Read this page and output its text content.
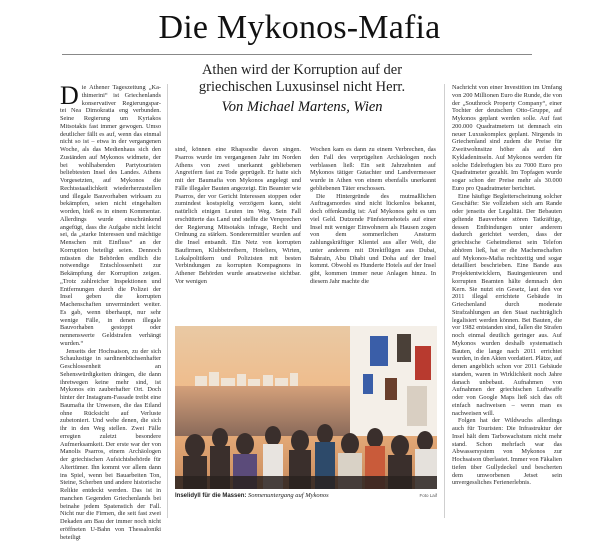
Die Mykonos-Mafia
Athen wird der Korruption auf der griechischen Luxusinsel nicht Herr.
Von Michael Martens, Wien

Die Athener Tageszeitung „Ka-thimerini“ ist Griechenlands konservativer Regierungspar-tei Nea Dimokratia eng verbunden. Seine Regierung um Kyriakos Mitsotakis fast immer gewogen. Umso deutlicher fällt es auf, wenn das einmal nicht so ist – etwa in der vergangenen Woche, als das Medienhaus sich den Zuständen auf Mykonos widmete, der bei wohlhabenden Partytouristen beliebtesten Insel des Landes. Athens Vorgesetzten, auf Mykonos die Rechtsstaatlichkeit wiederherzustellen und illegale Bauvorhaben wirksam zu bekämpfen, seien nicht eingehalten worden, hieß es in einem Kommentar. Allerdings wurde einschränkend angefügt, dass die Aufgabe nicht leicht sei, da „starke Interessen und mächtige Menschen mit Einfluss“ an der Korruption beteiligt seien. Dennoch müssten die Behörden endlich die notwendige Entschlossenheit zur Bekämpfung der Korruption zeigen. „Trotz zahlreicher Inspektionen und Entfernungen durch die Polizei der Insel geben die korrupten Machenschaften unvermindert weiter. Es gab, wenn überhaupt, nur sehr wenige Fälle, in denen illegale Bauvorhaben gestoppt oder nennenswerte Geldstrafen verhängt wurden.“

Jenseits der Hochsaison, zu der sich Schaulustige in sardinenbüchsenhafter Geschlossenheit an Sehenswürdigkeiten drängen, die dann ihretwegen keine mehr sind, ist Mykonos ein zauberhafter Ort. Doch hinter der Instagram-Fassade treibt eine Baumafia ihr Unwesen, die das Eiland ohne Rücksicht auf Verluste zubetoniert. Und wehe denen, die sich ihr in den Weg stellen. Zwei Fälle erregten zuletzt besondere Aufmerksamkeit. Der erste war der von Manolis Psarros, einem Archäologen der griechischen Aufsichtsbehörde für Altertümer. Ihn kommt vor allem dann ins Spiel, wenn bei Bauarbeiten Ton, Steine, Scherben und andere historische Relikte entdeckt werden. Das ist in manchen Gegenden Griechenlands bei beinahe jedem Spatenstich der Fall. Nicht nur die Firmen, die seit fast zwei Dekaden am Bau der immer noch nicht eröffneten U-Bahn von Thessaloniki beteiligt

sind, können eine Rhapsodie davon singen. Psarros wurde im vergangenen Jahr im Norden Athens von zwei unerkannt gebliebenen Angreifern fast zu Tode geprügelt. Er hatte sich mit der Baumafia von Mykonos angelegt und Fälle illegaler Bauten angezeigt. Ein Beamter wie Psarros, der vor Gericht Interessen stoppen oder zumindest kostspielig verzögern kann, steht natürlich einigen Leuten im Weg. Sein Fall erschütterte das Land und stellte die Versprechen der Regierung Mitsotakis infrage, Recht und Ordnung zu stärken. Sonderermittler wurden auf die Insel entsandt. Ein Netz von korrupten Baufirmen, Klubbetreibern, Hoteliers, Wirten, Lokalpolitikern und Polizisten mit besten Verbindungen zu korrupten Kompagnons in Athener Behörden wurde ansatzweise sichtbar. Vor wenigen

Wochen kam es dann zu einem Verbrechen, das den Fall des verprügelten Archäologen noch verblassen ließ: Ein seit Jahrzehnten auf Mykonos tätiger Gutachter und Landvermesser wurde in Athen von einem ebenfalls unerkannt gebliebenen Täter erschossen.

Die Hintergründe des mutmaßlichen Auftragsmordes sind nicht lückenlos bekannt, doch offenkundig ist: Auf Mykonos geht es um viel Geld. Dutzende Fünfsternehotels auf einer Insel mit weniger Einwohnern als Hausen zogen von dem sommerlichen Ansturm zahlungskräftiger Klientel aus aller Welt, die unter anderem mit Direktflügen aus Dubai, Bahrain, Abu Dhabi und Doha auf der Insel kommt. Obwohl es Hunderte Hotels auf der Insel gibt, kommen immer neue Anlagen hinzu. In diesem Jahr machte die

Nachricht von einer Investition im Umfang von 200 Millionen Euro die Runde, die von der „Southrock Property Company“, einer Tochter der deutschen Otto-Gruppe, auf Mykonos geplant werden solle. Auf fast 200.000 Quadratmetern ist demnach ein neuer Luxuskomplex geplant. Nirgends in Griechenland sind zudem die Preise für Zweitwohnsitze höher als auf den Kykladeninseln. Auf Mykonos werden für solche Edelrefugien bis zu 7000 Euro pro Quadratmeter gezahlt. Im Topfagen wurde sogar schon der Preise mehr als 30.000 Euro pro Quadratmeter berichtet.

Eine häufige Begleiterscheinung solcher Geschäfte: Sie vollziehen sich am Rande oder jenseits der Legalität. Der Bebauten geltende Bauverbote stören Tatkräftige, dessen Entbindungen unter anderem dadurch gerichtet werden, dass der griechische Geheimdienst sein Telefon abhören ließ, hat er die Machenschaften auf Mykonos-Mafia rechtzeitig und sogar detailliert beschrieben. Eine Bande aus Projektentwicklern, Bauingenieuren und korrupten Beamten hälte demnach den Kern. Sie nutzt ein Gesetz, laut den vor 2011 illegal errichtete Gebäude in Griechenland durch moderate Strafzahlungen an den Staat nachträglich legalisiert werden können. Bei Bauten, die vor 1982 entstanden sind, fallen die Strafen noch einmal deutlich geringer aus. Auf Mykonos wurden deshalb systematisch Bauten, die lange nach 2011 errichtet wurden, in den Akten vordatiert. Plätze, auf denen angeblich schon vor 2011 Gebäude standen, waren in Wirklichkeit noch Jahre danach unbebaut. Aufnahmen von Aufnahmen der griechischen Luftwaffe oder von Google Maps ließ sich das oft einfach nachweisen – wenn man es nachweisen will.

Folgen hat der Wildwuchs allerdings auch für Touristen: Die Infrastruktur der Insel hält dem Tarbowachstum nicht mehr stand. Schon mehrfach war das Abwassersystem von Mykonos zur Hochsaison überlastet. Immer von Fäkalien tiefen über Gullydeckel und bescherten dem umworbenen Jetset sein unvergessliches Ferienerlebnis.

Inselidyll für die Massen: Sonnenuntergang auf Mykonos	Foto Laif
